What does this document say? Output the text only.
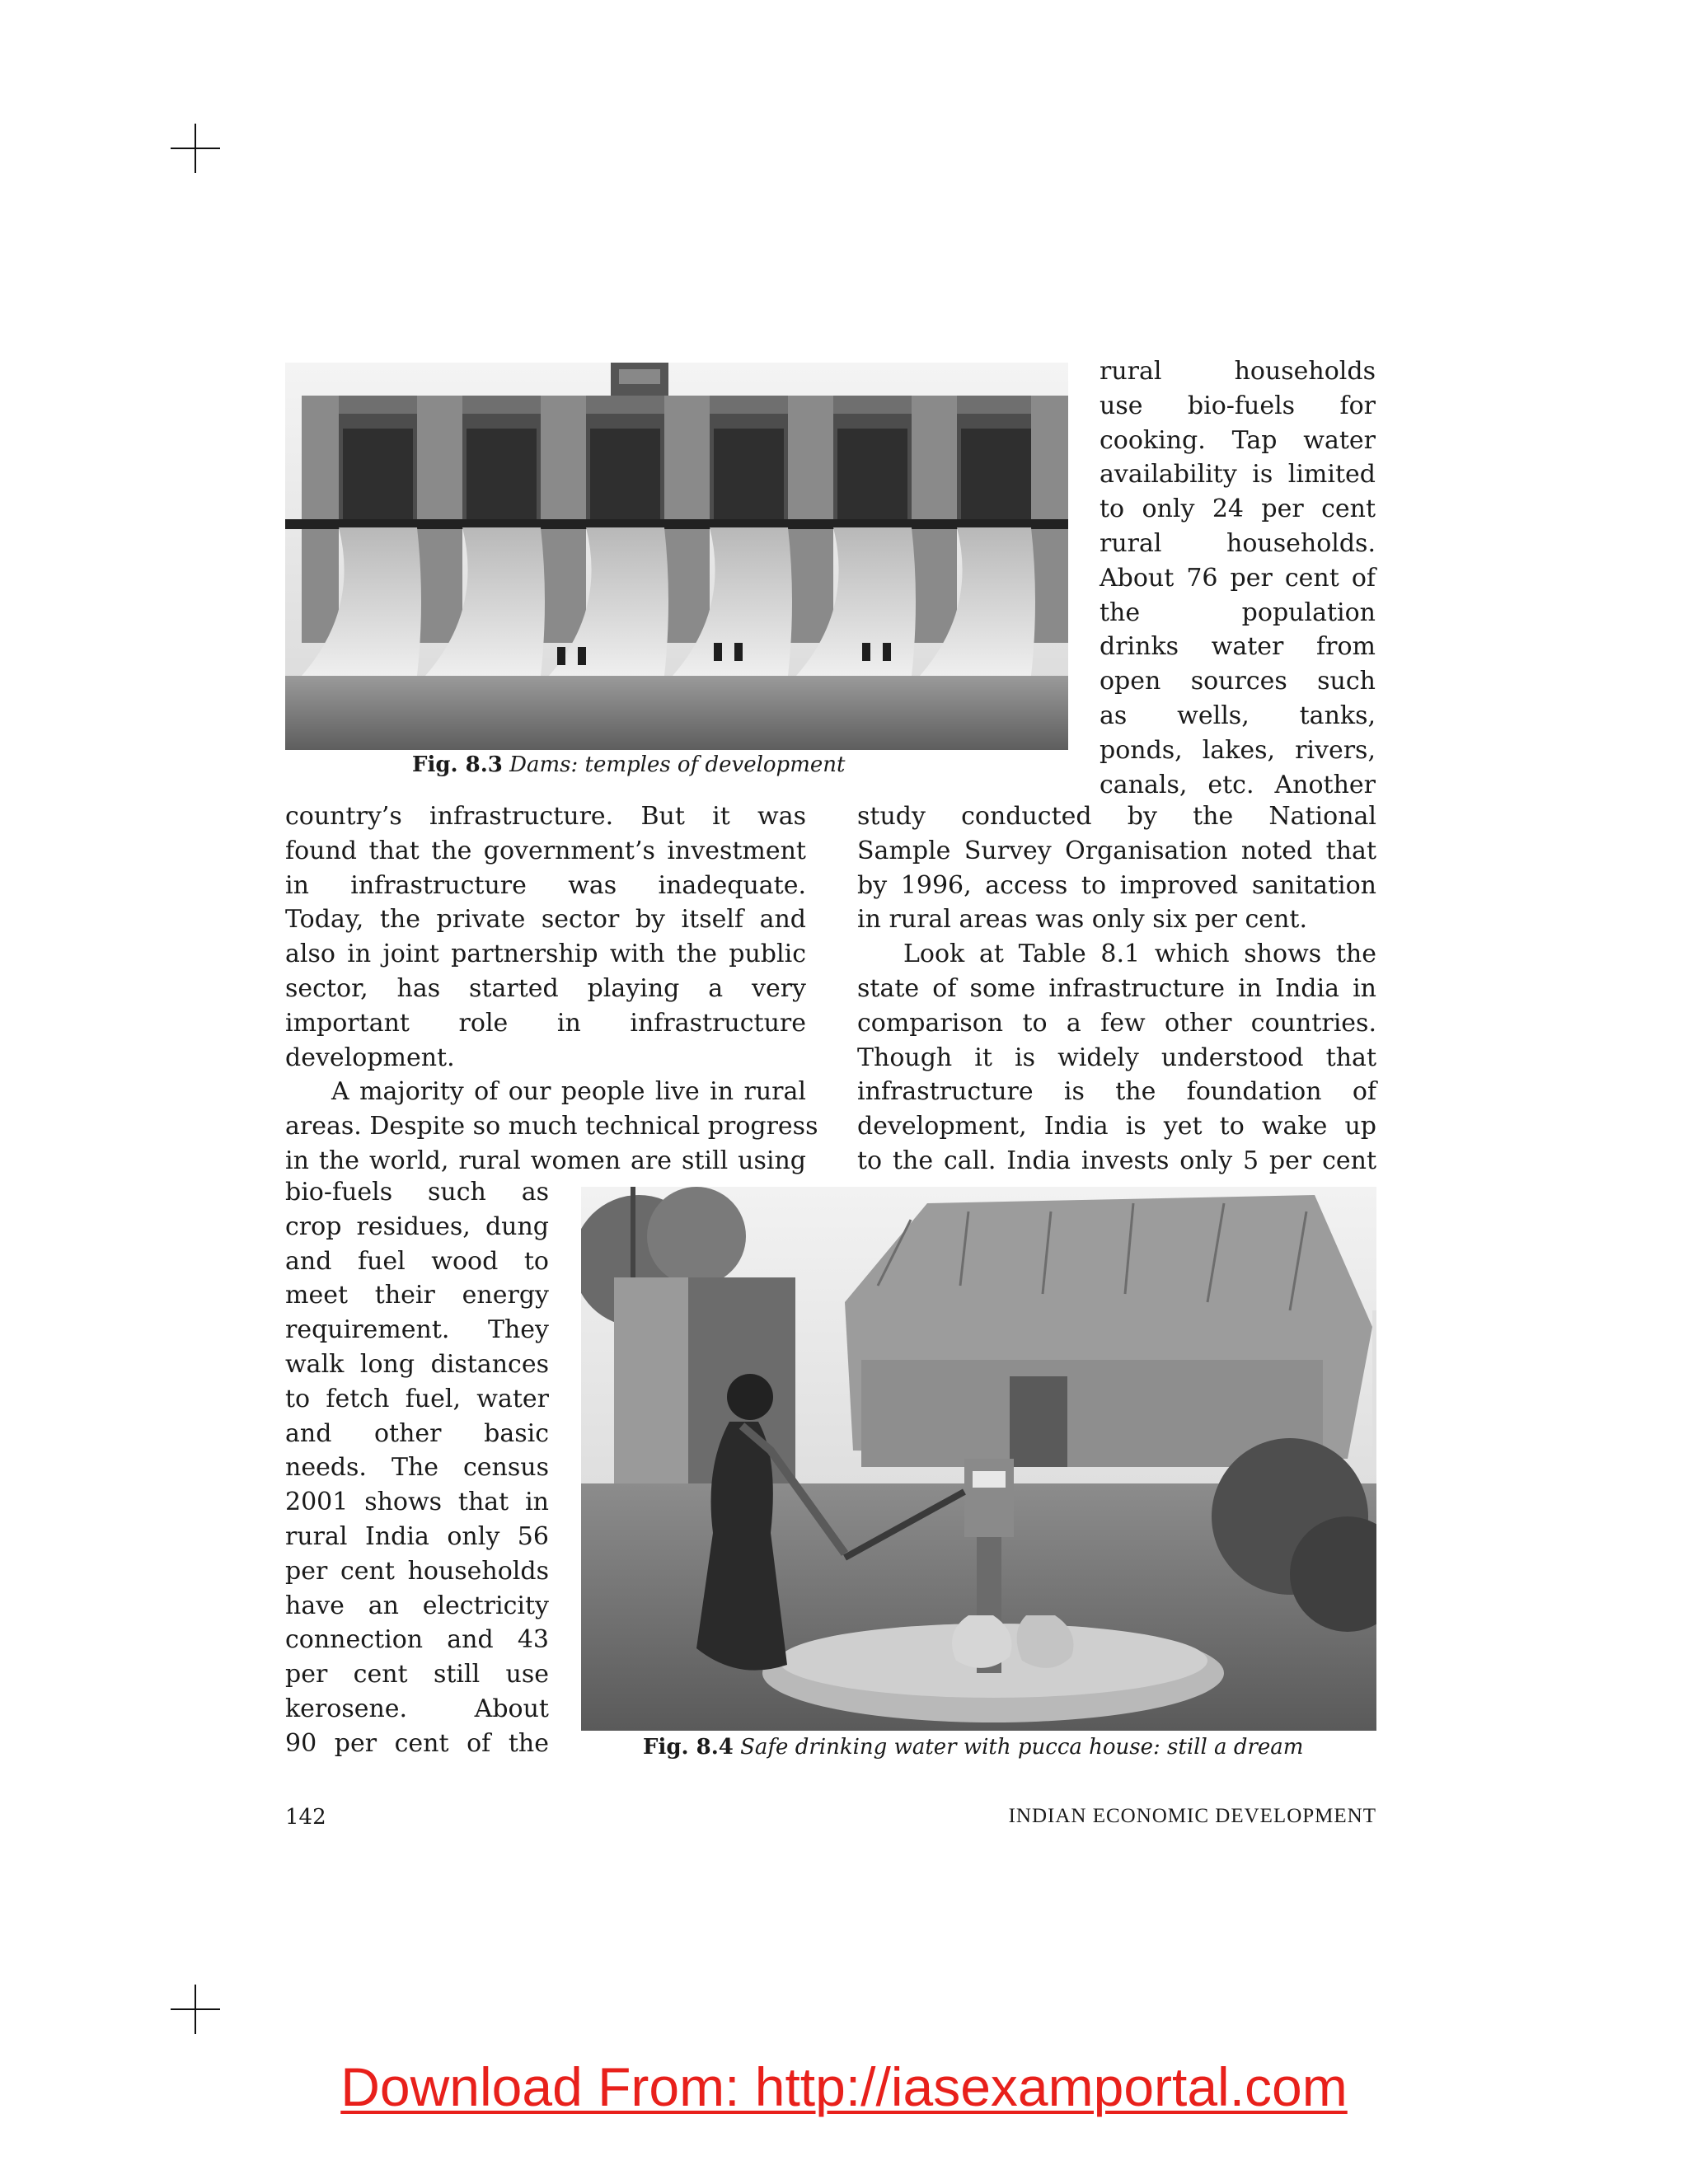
Fig. 8.3 Dams: temples of development
rural households
use bio-fuels for
cooking. Tap water
availability is limited
to only 24 per cent
rural households.
About 76 per cent of
the population
drinks water from
open sources such
as wells, tanks,
ponds, lakes, rivers,
canals, etc. Another
country’s infrastructure. But it was
found that the government’s investment
in infrastructure was inadequate.
Today, the private sector by itself and
also in joint partnership with the public
sector, has started playing a very
important role in infrastructure
development.
A majority of our people live in rural
areas. Despite so much technical progress
in the world, rural women are still using
study conducted by the National
Sample Survey Organisation noted that
by 1996, access to improved sanitation
in rural areas was only six per cent.
Look at Table 8.1 which shows the
state of some infrastructure in India in
comparison to a few other countries.
Though it is widely understood that
infrastructure is the foundation of
development, India is yet to wake up
to the call. India invests only 5 per cent
bio-fuels such as
crop residues, dung
and fuel wood to
meet their energy
requirement. They
walk long distances
to fetch fuel, water
and other basic
needs. The census
2001 shows that in
rural India only 56
per cent households
have an electricity
connection and 43
per cent still use
kerosene. About
90 per cent of the	Fig. 8.4 Safe drinking water with pucca house: still a dream
142	INDIAN ECONOMIC DEVELOPMENT
Download From: http://iasexamportal.com
